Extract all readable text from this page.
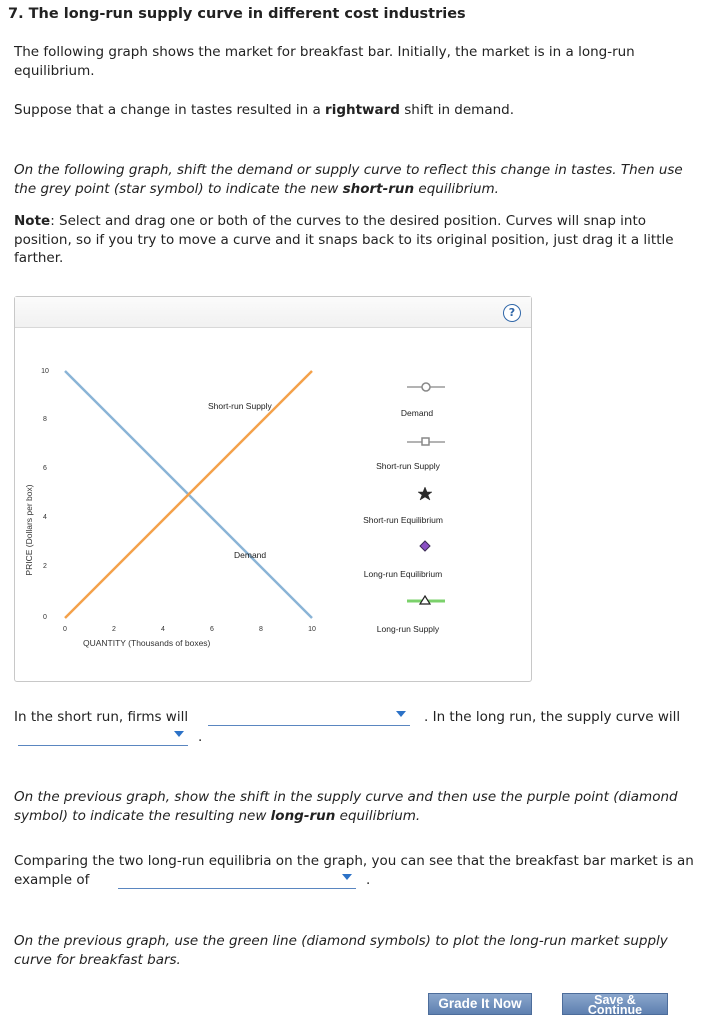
7. The long-run supply curve in different cost industries
The following graph shows the market for breakfast bar. Initially, the market is in a long-run equilibrium.
Suppose that a change in tastes resulted in a rightward shift in demand.
On the following graph, shift the demand or supply curve to reflect this change in tastes. Then use the grey point (star symbol) to indicate the new short-run equilibrium.
Note: Select and drag one or both of the curves to the desired position. Curves will snap into position, so if you try to move a curve and it snaps back to its original position, just drag it a little farther.
?
PRICE (Dollars per box)
10
8
6
4
2
0
0	2	4	6	8	10
QUANTITY (Thousands of boxes)
Short-run Supply
Demand
Demand
Short-run Supply
Short-run Equilibrium
Long-run Equilibrium
Long-run Supply
In the short run, firms will	. In the long run, the supply curve will
.
On the previous graph, show the shift in the supply curve and then use the purple point (diamond symbol) to indicate the resulting new long-run equilibrium.
Comparing the two long-run equilibria on the graph, you can see that the breakfast bar market is an example of	.
On the previous graph, use the green line (diamond symbols) to plot the long-run market supply curve for breakfast bars.
Grade It Now	Save &
Continue
